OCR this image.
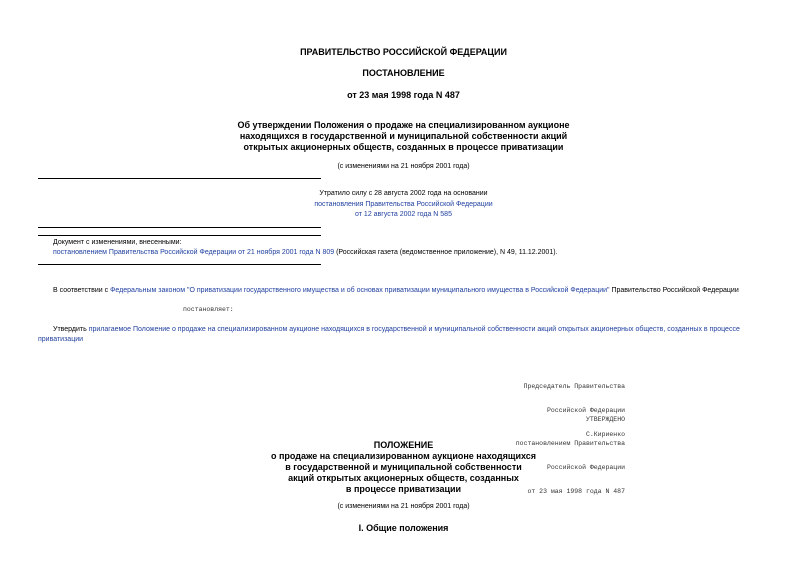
ПРАВИТЕЛЬСТВО РОССИЙСКОЙ ФЕДЕРАЦИИ
ПОСТАНОВЛЕНИЕ
от 23 мая 1998 года N 487
Об утверждении Положения о продаже на специализированном аукционе
находящихся в государственной и муниципальной собственности акций
открытых акционерных обществ, созданных в процессе приватизации
(с изменениями на 21 ноября 2001 года)
Утратило силу с 28 августа 2002 года на основании
постановления Правительства Российской Федерации
от 12 августа 2002 года N 585
Документ с изменениями, внесенными:
постановлением Правительства Российской Федерации от 21 ноября 2001 года N 809 (Российская газета (ведомственное приложение), N 49, 11.12.2001).
В соответствии с Федеральным законом "О приватизации государственного имущества и об основах приватизации муниципального имущества в Российской Федерации" Правительство Российской Федерации
постановляет:
Утвердить прилагаемое Положение о продаже на специализированном аукционе находящихся в государственной и муниципальной собственности акций открытых акционерных обществ, созданных в процессе
приватизации

Председатель Правительства

Российской Федерации

С.Кириенко

УТВЕРЖДЕНО

постановлением Правительства

Российской Федерации

от 23 мая 1998 года N 487

ПОЛОЖЕНИЕ
о продаже на специализированном аукционе находящихся
в государственной и муниципальной собственности
акций открытых акционерных обществ, созданных
в процессе приватизации
(с изменениями на 21 ноября 2001 года)
I. Общие положения
